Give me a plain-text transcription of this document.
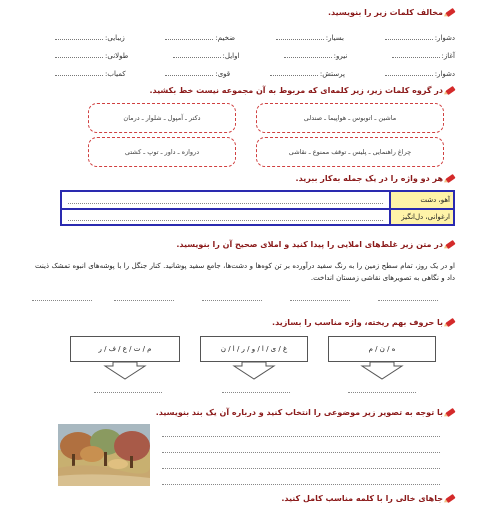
مخالف کلمات زیر را بنویسید.
دشوار:
بسیار:
ضخیم:
زیبایی:
آغاز:
نیرو:
اوایل:
طولانی:
دشوار:
پرستش:
قوی:
کمیاب:
در گروه کلمات زیر، زیر کلمه‌ای که مربوط به آن مجموعه نیست خط بکشید.
ماشین ـ اتوبوس ـ هواپیما ـ صندلی
دکتر ـ آمپول ـ شلوار ـ درمان
چراغ راهنمایی ـ پلیس ـ توقف ممنوع ـ نقاشی
دروازه ـ داور ـ توپ ـ کشتی
هر دو واژه را در یک جمله به‌کار ببرید.
آهو، دشت
ارغوانی، دل‌انگیز
در متن زیر غلط‌های املایی را پیدا کنید و املای صحیح آن را بنویسید.
او در یک روز، تمام سطح زمین را به رنگ سفید درآورده بر تن کوه‌ها و دشت‌ها، جامع سفید پوشانید. کنار جنگل را با پوشه‌های انبوه تمشک ذینت داد و نگاهی به تصویر‌های نقاشی زمستان انداخت.
با حروف بهم ریخته، واژه مناسب را بسازید.
ه / ن / م
غ / ی / ا / و / ر / ا / ن
م / ت / ع / ف / ر
با توجه به تصویر زیر موضوعی را انتخاب کنید و درباره آن یک بند بنویسید.
جاهای خالی را با کلمه مناسب کامل کنید.
